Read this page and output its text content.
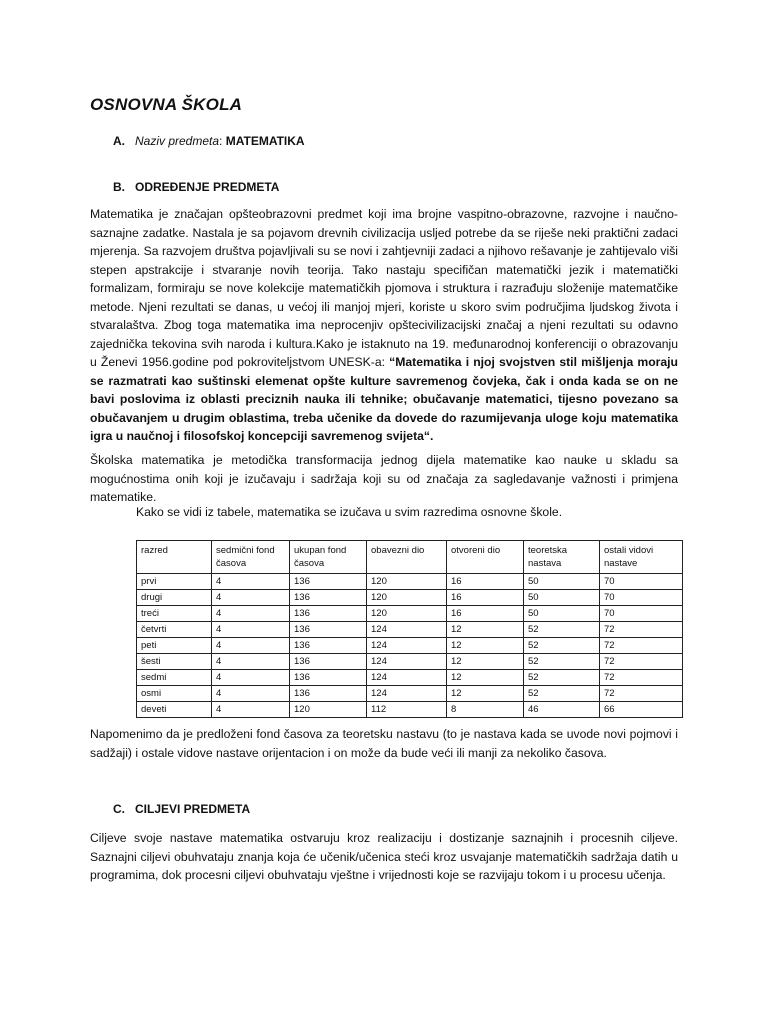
OSNOVNA ŠKOLA
A. Naziv predmeta: MATEMATIKA
B. ODREĐENJE PREDMETA

Matematika je značajan opšteobrazovni predmet koji ima brojne vaspitno-obrazovne, razvojne i naučno-saznajne zadatke. Nastala je sa pojavom drevnih civilizacija usljed potrebe da se riješe neki praktični zadaci mjerenja. Sa razvojem društva pojavljivali su se novi i zahtjevniji zadaci a njihovo rešavanje je zahtijevalo viši stepen apstrakcije i stvaranje novih teorija. Tako nastaju specifičan matematički jezik i matematički formalizam, formiraju se nove kolekcije matematičkih pjomova i struktura i razrađuju složenije matematčike metode. Njeni rezultati se danas, u većoj ili manjoj mjeri, koriste u skoro svim područjima ljudskog života i stvaralaštva. Zbog toga matematika ima neprocenjiv opštecivilizacijski značaj a njeni rezultati su odavno zajednička tekovina svih naroda i kultura.Kako je istaknuto na 19. međunarodnoj konferenciji o obrazovanju u Ženevi 1956.godine pod pokroviteljstvom UNESK-a: “Matematika i njoj svojstven stil mišljenja moraju se razmatrati kao suštinski elemenat opšte kulture savremenog čovjeka, čak i onda kada se on ne bavi poslovima iz oblasti preciznih nauka ili tehnike; obučavanje matematici, tijesno povezano sa obučavanjem u drugim oblastima, treba učenike da dovede do razumijevanja uloge koju matematika igra u naučnoj i filosofskoj koncepciji savremenog svijeta“.

Školska matematika je metodička transformacija jednog dijela matematike kao nauke u skladu sa mogućnostima onih koji je izučavaju i sadržaja koji su od značaja za sagledavanje važnosti i primjena matematike.

Kako se vidi iz tabele, matematika se izučava u svim razredima osnovne škole.

razred	sedmični fond časova	ukupan fond časova	obavezni dio	otvoreni dio	teoretska nastava	ostali vidovi nastave
prvi	4	136	120	16	50	70
drugi	4	136	120	16	50	70
treći	4	136	120	16	50	70
četvrti	4	136	124	12	52	72
peti	4	136	124	12	52	72
šesti	4	136	124	12	52	72
sedmi	4	136	124	12	52	72
osmi	4	136	124	12	52	72
deveti	4	120	112	8	46	66

Napomenimo da je predloženi fond časova za teoretsku nastavu (to je nastava kada se uvode novi pojmovi i sadžaji) i ostale vidove nastave orijentacion i on može da bude veći ili manji za nekoliko časova.

C. CILJEVI PREDMETA

Ciljeve svoje nastave matematika ostvaruju kroz realizaciju i dostizanje saznajnih i procesnih ciljeve. Saznajni ciljevi obuhvataju znanja koja će učenik/učenica steći kroz usvajanje matematičkih sadržaja datih u programima, dok procesni ciljevi obuhvataju vještne i vrijednosti koje se razvijaju tokom i u procesu učenja.
